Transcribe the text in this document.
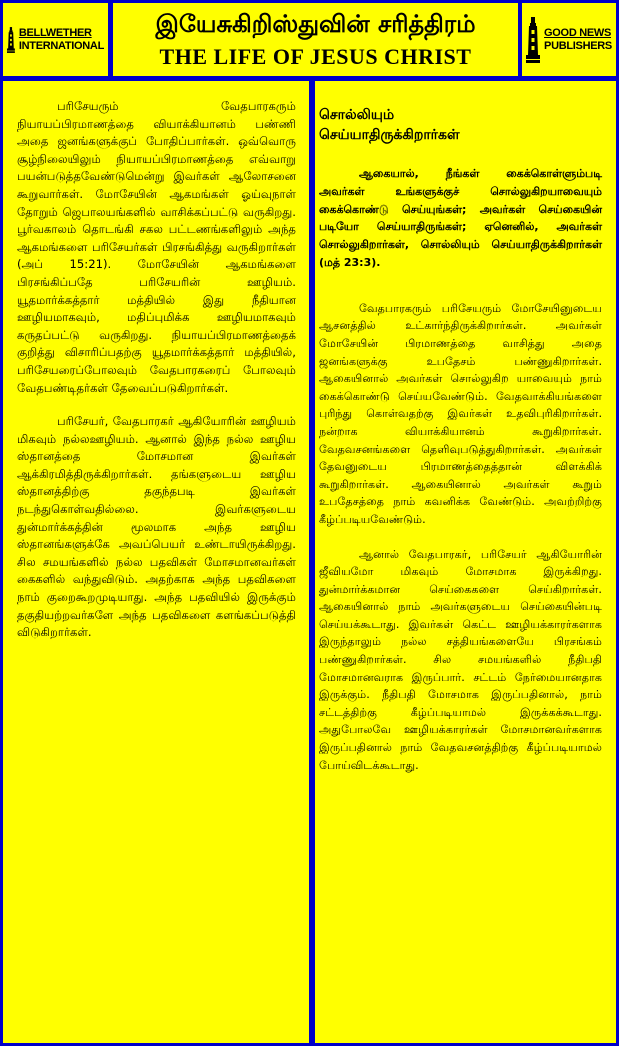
BELLWETHER
INTERNATIONAL
இயேசுகிறிஸ்துவின் சரித்திரம்
THE LIFE OF JESUS CHRIST
GOOD NEWS
PUBLISHERS

பரிசேயரும் வேதபாரகரும் நியாயப்பிரமாணத்தை வியாக்கியானம் பண்ணி அதை ஜனங்களுக்குப் போதிப்பார்கள். ஒவ்வொரு சூழ்நிலையிலும் நியாயப்பிரமாணத்தை எவ்வாறு பயன்படுத்தவேண்டுமென்று இவர்கள் ஆலோசனை கூறுவார்கள். மோசேயின் ஆகமங்கள் ஓய்வுநாள் தோறும் ஜெபாலயங்களில் வாசிக்கப்பட்டு வருகிறது. பூர்வகாலம் தொடங்கி சகல பட்டணங்களிலும் அந்த ஆகமங்களை பரிசேயர்கள் பிரசங்கித்து வருகிறார்கள் (அப் 15:21). மோசேயின் ஆகமங்களை பிரசங்கிப்பதே பரிசேயரின் ஊழியம். யூதமார்க்கத்தார் மத்தியில் இது நீதியான ஊழியமாகவும், மதிப்புமிக்க ஊழியமாகவும் கருதப்பட்டு வருகிறது. நியாயப்பிரமாணத்தைக் குறித்து விசாரிப்பதற்கு யூதமார்க்கத்தார் மத்தியில், பரிசேயரைப்போலவும் வேதபாரகரைப் போலவும் வேதபண்டிதர்கள் தேவைப்படுகிறார்கள்.

பரிசேயர், வேதபாரகர் ஆகியோரின் ஊழியம் மிகவும் நல்லஊழியம். ஆனால் இந்த நல்ல ஊழிய ஸ்தானத்தை மோசமான இவர்கள் ஆக்கிரமித்திருக்கிறார்கள். தங்களுடைய ஊழிய ஸ்தானத்திற்கு தகுந்தபடி இவர்கள் நடந்துகொள்வதில்லை. இவர்களுடைய துன்மார்க்கத்தின் மூலமாக அந்த ஊழிய ஸ்தானங்களுக்கே அவப்பெயர் உண்டாயிருக்கிறது. சில சமயங்களில் நல்ல பதவிகள் மோசமானவர்கள் கைகளில் வந்துவிடும். அதற்காக அந்த பதவிகளை நாம் குறைகூறமுடியாது. அந்த பதவியில் இருக்கும் தகுதியற்றவர்களே அந்த பதவிகளை களங்கப்படுத்தி விடுகிறார்கள்.

சொல்லியும்
செய்யாதிருக்கிறார்கள்

ஆகையால், நீங்கள் கைக்கொள்ளும்படி அவர்கள் உங்களுக்குச் சொல்லுகிறயாவையும் கைக்கொண்டு செய்யுங்கள்; அவர்கள் செய்கையின் படியோ செய்யாதிருங்கள்; ஏனெனில், அவர்கள் சொல்லுகிறார்கள், சொல்லியும் செய்யாதிருக்கிறார்கள் (மத் 23:3).

வேதபாரகரும் பரிசேயரும் மோசேயினுடைய ஆசனத்தில் உட்கார்ந்திருக்கிறார்கள். அவர்கள் மோசேயின் பிரமாணத்தை வாசித்து அதை ஜனங்களுக்கு உபதேசம் பண்ணுகிறார்கள். ஆகையினால் அவர்கள் சொல்லுகிற யாவையும் நாம் கைக்கொண்டு செய்யவேண்டும். வேதவாக்கியங்களை புரிந்து கொள்வதற்கு இவர்கள் உதவிபுரிகிறார்கள். நன்றாக வியாக்கியானம் கூறுகிறார்கள். வேதவசனங்களை தெளிவுபடுத்துகிறார்கள். அவர்கள் தேவனுடைய பிரமாணத்தைத்தான் விளக்கிக் கூறுகிறார்கள். ஆகையினால் அவர்கள் கூறும் உபதேசத்தை நாம் கவனிக்க வேண்டும். அவற்றிற்கு கீழ்ப்படியவேண்டும்.

ஆனால் வேதபாரகர், பரிசேயர் ஆகியோரின் ஜீவியமோ மிகவும் மோசமாக இருக்கிறது. துன்மார்க்கமான செய்கைகளை செய்கிறார்கள். ஆகையினால் நாம் அவர்களுடைய செய்கையின்படி செய்யக்கூடாது. இவர்கள் கெட்ட ஊழியக்காரர்களாக இருந்தாலும் நல்ல சத்தியங்களையே பிரசங்கம் பண்ணுகிறார்கள். சில சமயங்களில் நீதிபதி மோசமானவராக இருப்பார். சட்டம் நேர்மையானதாக இருக்கும். நீதிபதி மோசமாக இருப்பதினால், நாம் சட்டத்திற்கு கீழ்ப்படியாமல் இருக்கக்கூடாது. அதுபோலவே ஊழியக்காரர்கள் மோசமானவர்களாக இருப்பதினால் நாம் வேதவசனத்திற்கு கீழ்ப்படியாமல் போய்விடக்கூடாது.
